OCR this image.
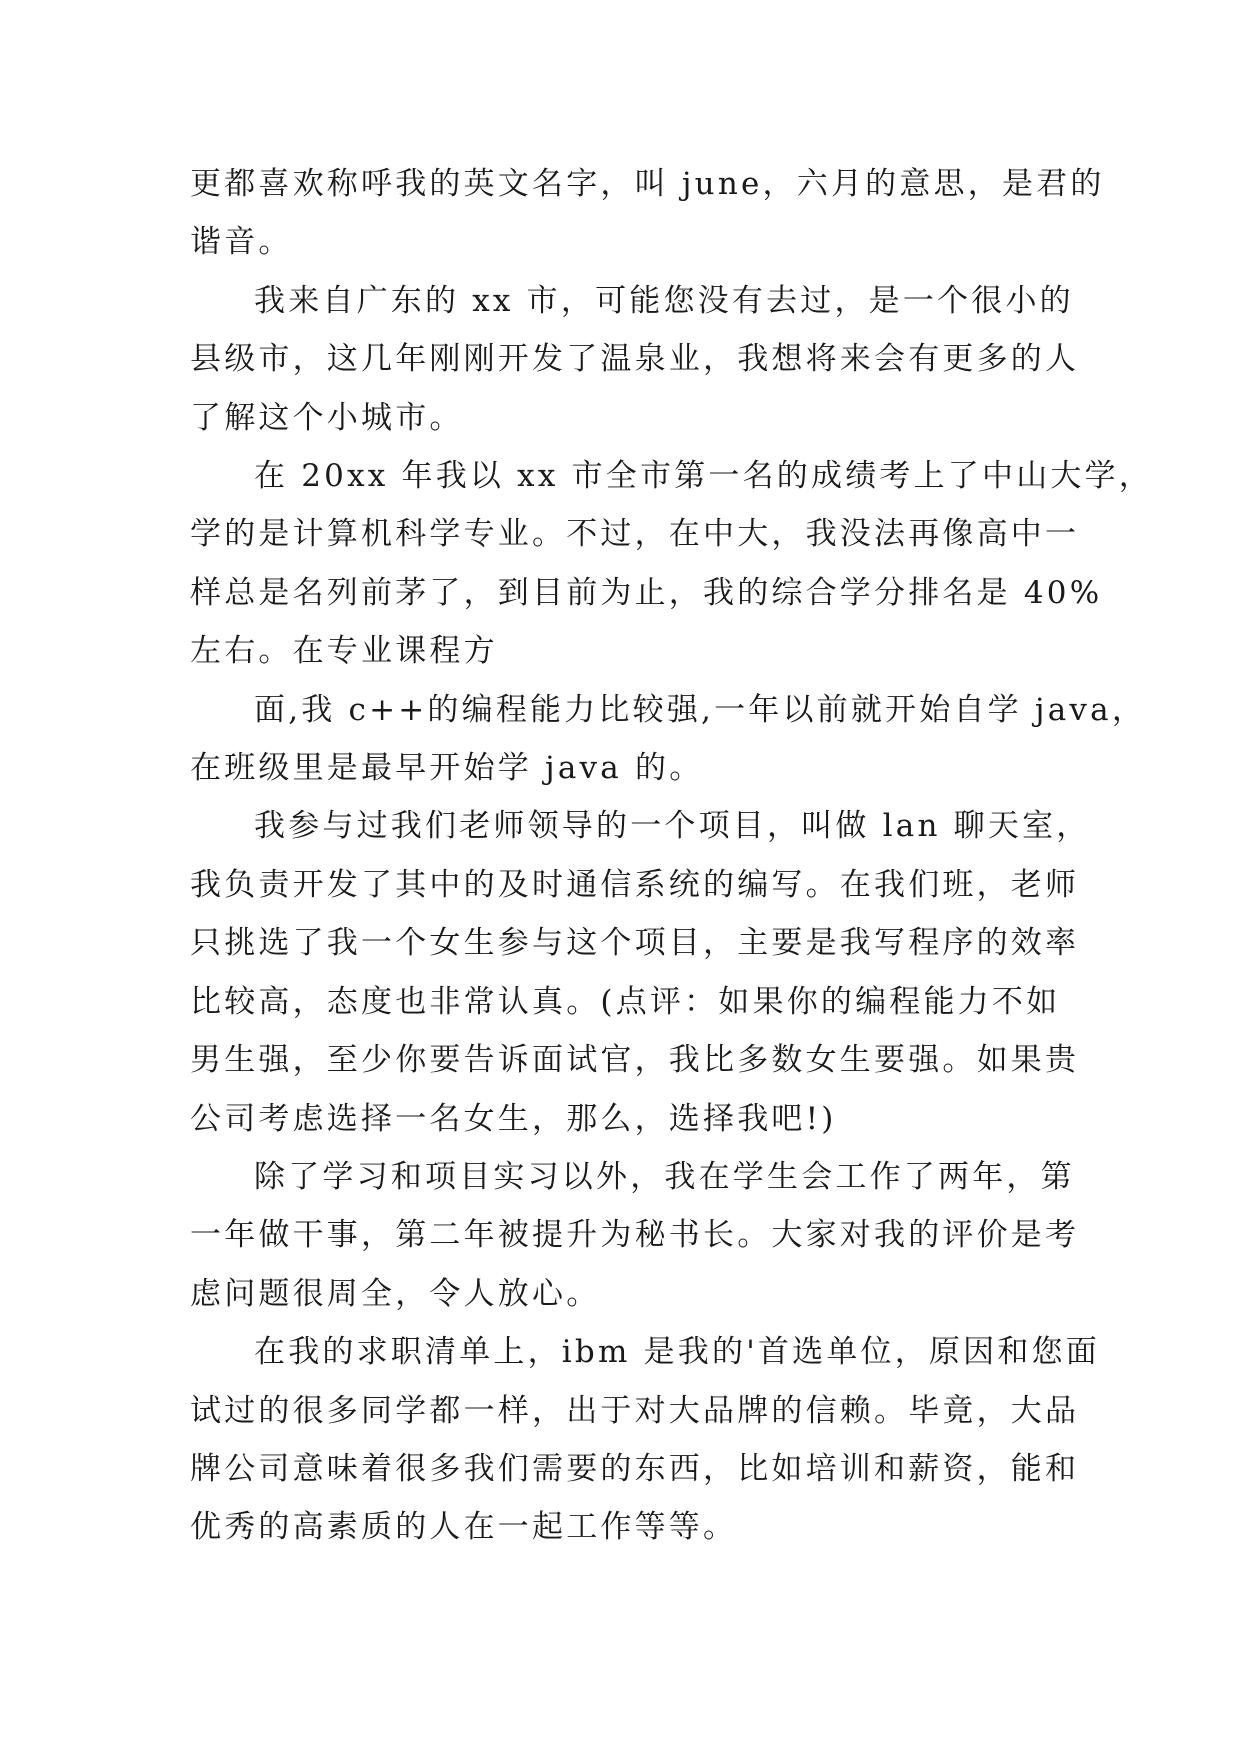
更都喜欢称呼我的英文名字，叫 june，六月的意思，是君的
谐音。

我来自广东的 xx 市，可能您没有去过，是一个很小的
县级市，这几年刚刚开发了温泉业，我想将来会有更多的人
了解这个小城市。

在 20xx 年我以 xx 市全市第一名的成绩考上了中山大学，
学的是计算机科学专业。不过，在中大，我没法再像高中一
样总是名列前茅了，到目前为止，我的综合学分排名是 40%
左右。在专业课程方

面,我 c++的编程能力比较强,一年以前就开始自学 java，
在班级里是最早开始学 java 的。

我参与过我们老师领导的一个项目，叫做 lan 聊天室，
我负责开发了其中的及时通信系统的编写。在我们班，老师
只挑选了我一个女生参与这个项目，主要是我写程序的效率
比较高，态度也非常认真。(点评：如果你的编程能力不如
男生强，至少你要告诉面试官，我比多数女生要强。如果贵
公司考虑选择一名女生，那么，选择我吧!)

除了学习和项目实习以外，我在学生会工作了两年，第
一年做干事，第二年被提升为秘书长。大家对我的评价是考
虑问题很周全，令人放心。

在我的求职清单上，ibm 是我的'首选单位，原因和您面
试过的很多同学都一样，出于对大品牌的信赖。毕竟，大品
牌公司意味着很多我们需要的东西，比如培训和薪资，能和
优秀的高素质的人在一起工作等等。
